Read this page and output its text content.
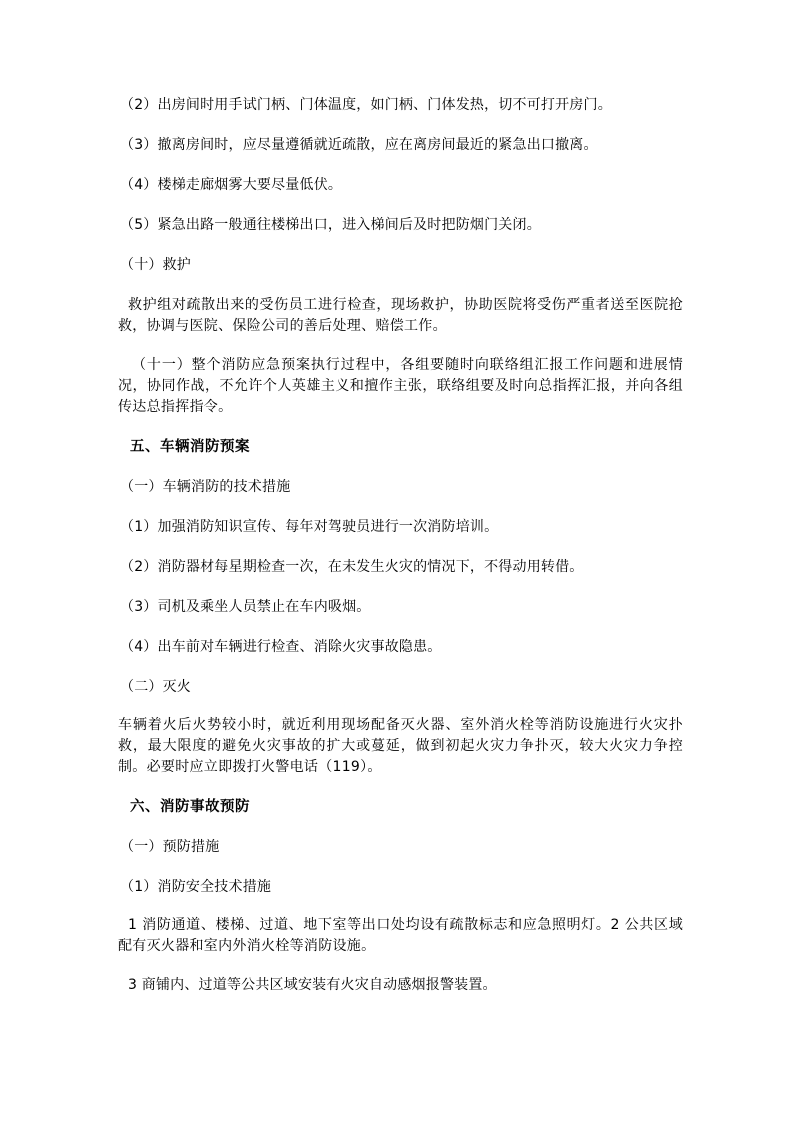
（2）出房间时用手试门柄、门体温度，如门柄、门体发热，切不可打开房门。
（3）撤离房间时，应尽量遵循就近疏散，应在离房间最近的紧急出口撤离。
（4）楼梯走廊烟雾大要尽量低伏。
（5）紧急出路一般通往楼梯出口，进入梯间后及时把防烟门关闭。
（十）救护
救护组对疏散出来的受伤员工进行检查，现场救护，协助医院将受伤严重者送至医院抢救，协调与医院、保险公司的善后处理、赔偿工作。
（十一）整个消防应急预案执行过程中，各组要随时向联络组汇报工作问题和进展情况，协同作战，不允许个人英雄主义和擅作主张，联络组要及时向总指挥汇报，并向各组传达总指挥指令。
五、车辆消防预案
（一）车辆消防的技术措施
（1）加强消防知识宣传、每年对驾驶员进行一次消防培训。
（2）消防器材每星期检查一次，在未发生火灾的情况下，不得动用转借。
（3）司机及乘坐人员禁止在车内吸烟。
（4）出车前对车辆进行检查、消除火灾事故隐患。
（二）灭火
车辆着火后火势较小时，就近利用现场配备灭火器、室外消火栓等消防设施进行火灾扑救，最大限度的避免火灾事故的扩大或蔓延，做到初起火灾力争扑灭，较大火灾力争控制。必要时应立即拨打火警电话（119）。
六、消防事故预防
（一）预防措施
（1）消防安全技术措施
1 消防通道、楼梯、过道、地下室等出口处均设有疏散标志和应急照明灯。2 公共区域配有灭火器和室内外消火栓等消防设施。
3 商铺内、过道等公共区域安装有火灾自动感烟报警装置。
